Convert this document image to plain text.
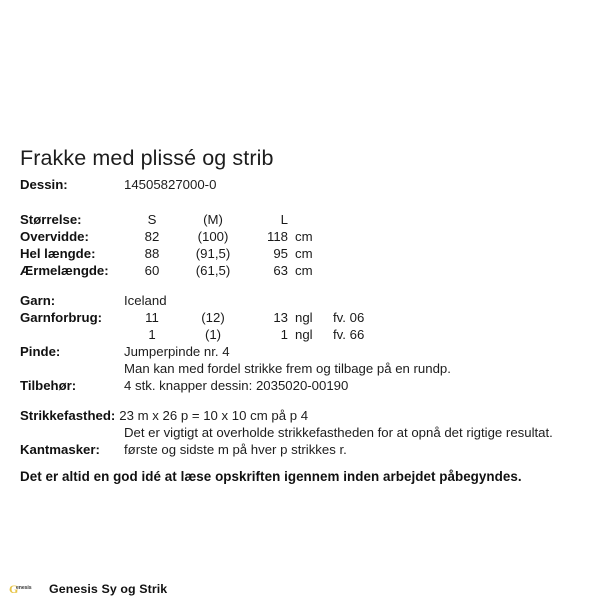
Frakke med plissé og strib
Dessin:	14505827000-0
Størrelse:	S	(M)	L
Overvidde:	82	(100)	118 cm
Hel længde:	88	(91,5)	95 cm
Ærmelængde:	60	(61,5)	63 cm
Garn:	Iceland
Garnforbrug:	11	(12)	13 ngl fv. 06
1	(1)	1 ngl fv. 66
Pinde:	Jumperpinde nr. 4
Man kan med fordel strikke frem og tilbage på en rundp.
Tilbehør:	4 stk. knapper dessin: 2035020-00190
Strikkefasthed: 23 m x 26 p = 10 x 10 cm på p 4
Det er vigtigt at overholde strikkefastheden for at opnå det rigtige resultat.
Kantmasker: første og sidste m på hver p strikkes r.
Det er altid en god idé at læse opskriften igennem inden arbejdet påbegyndes.
G
enesis Genesis Sy og Strik
